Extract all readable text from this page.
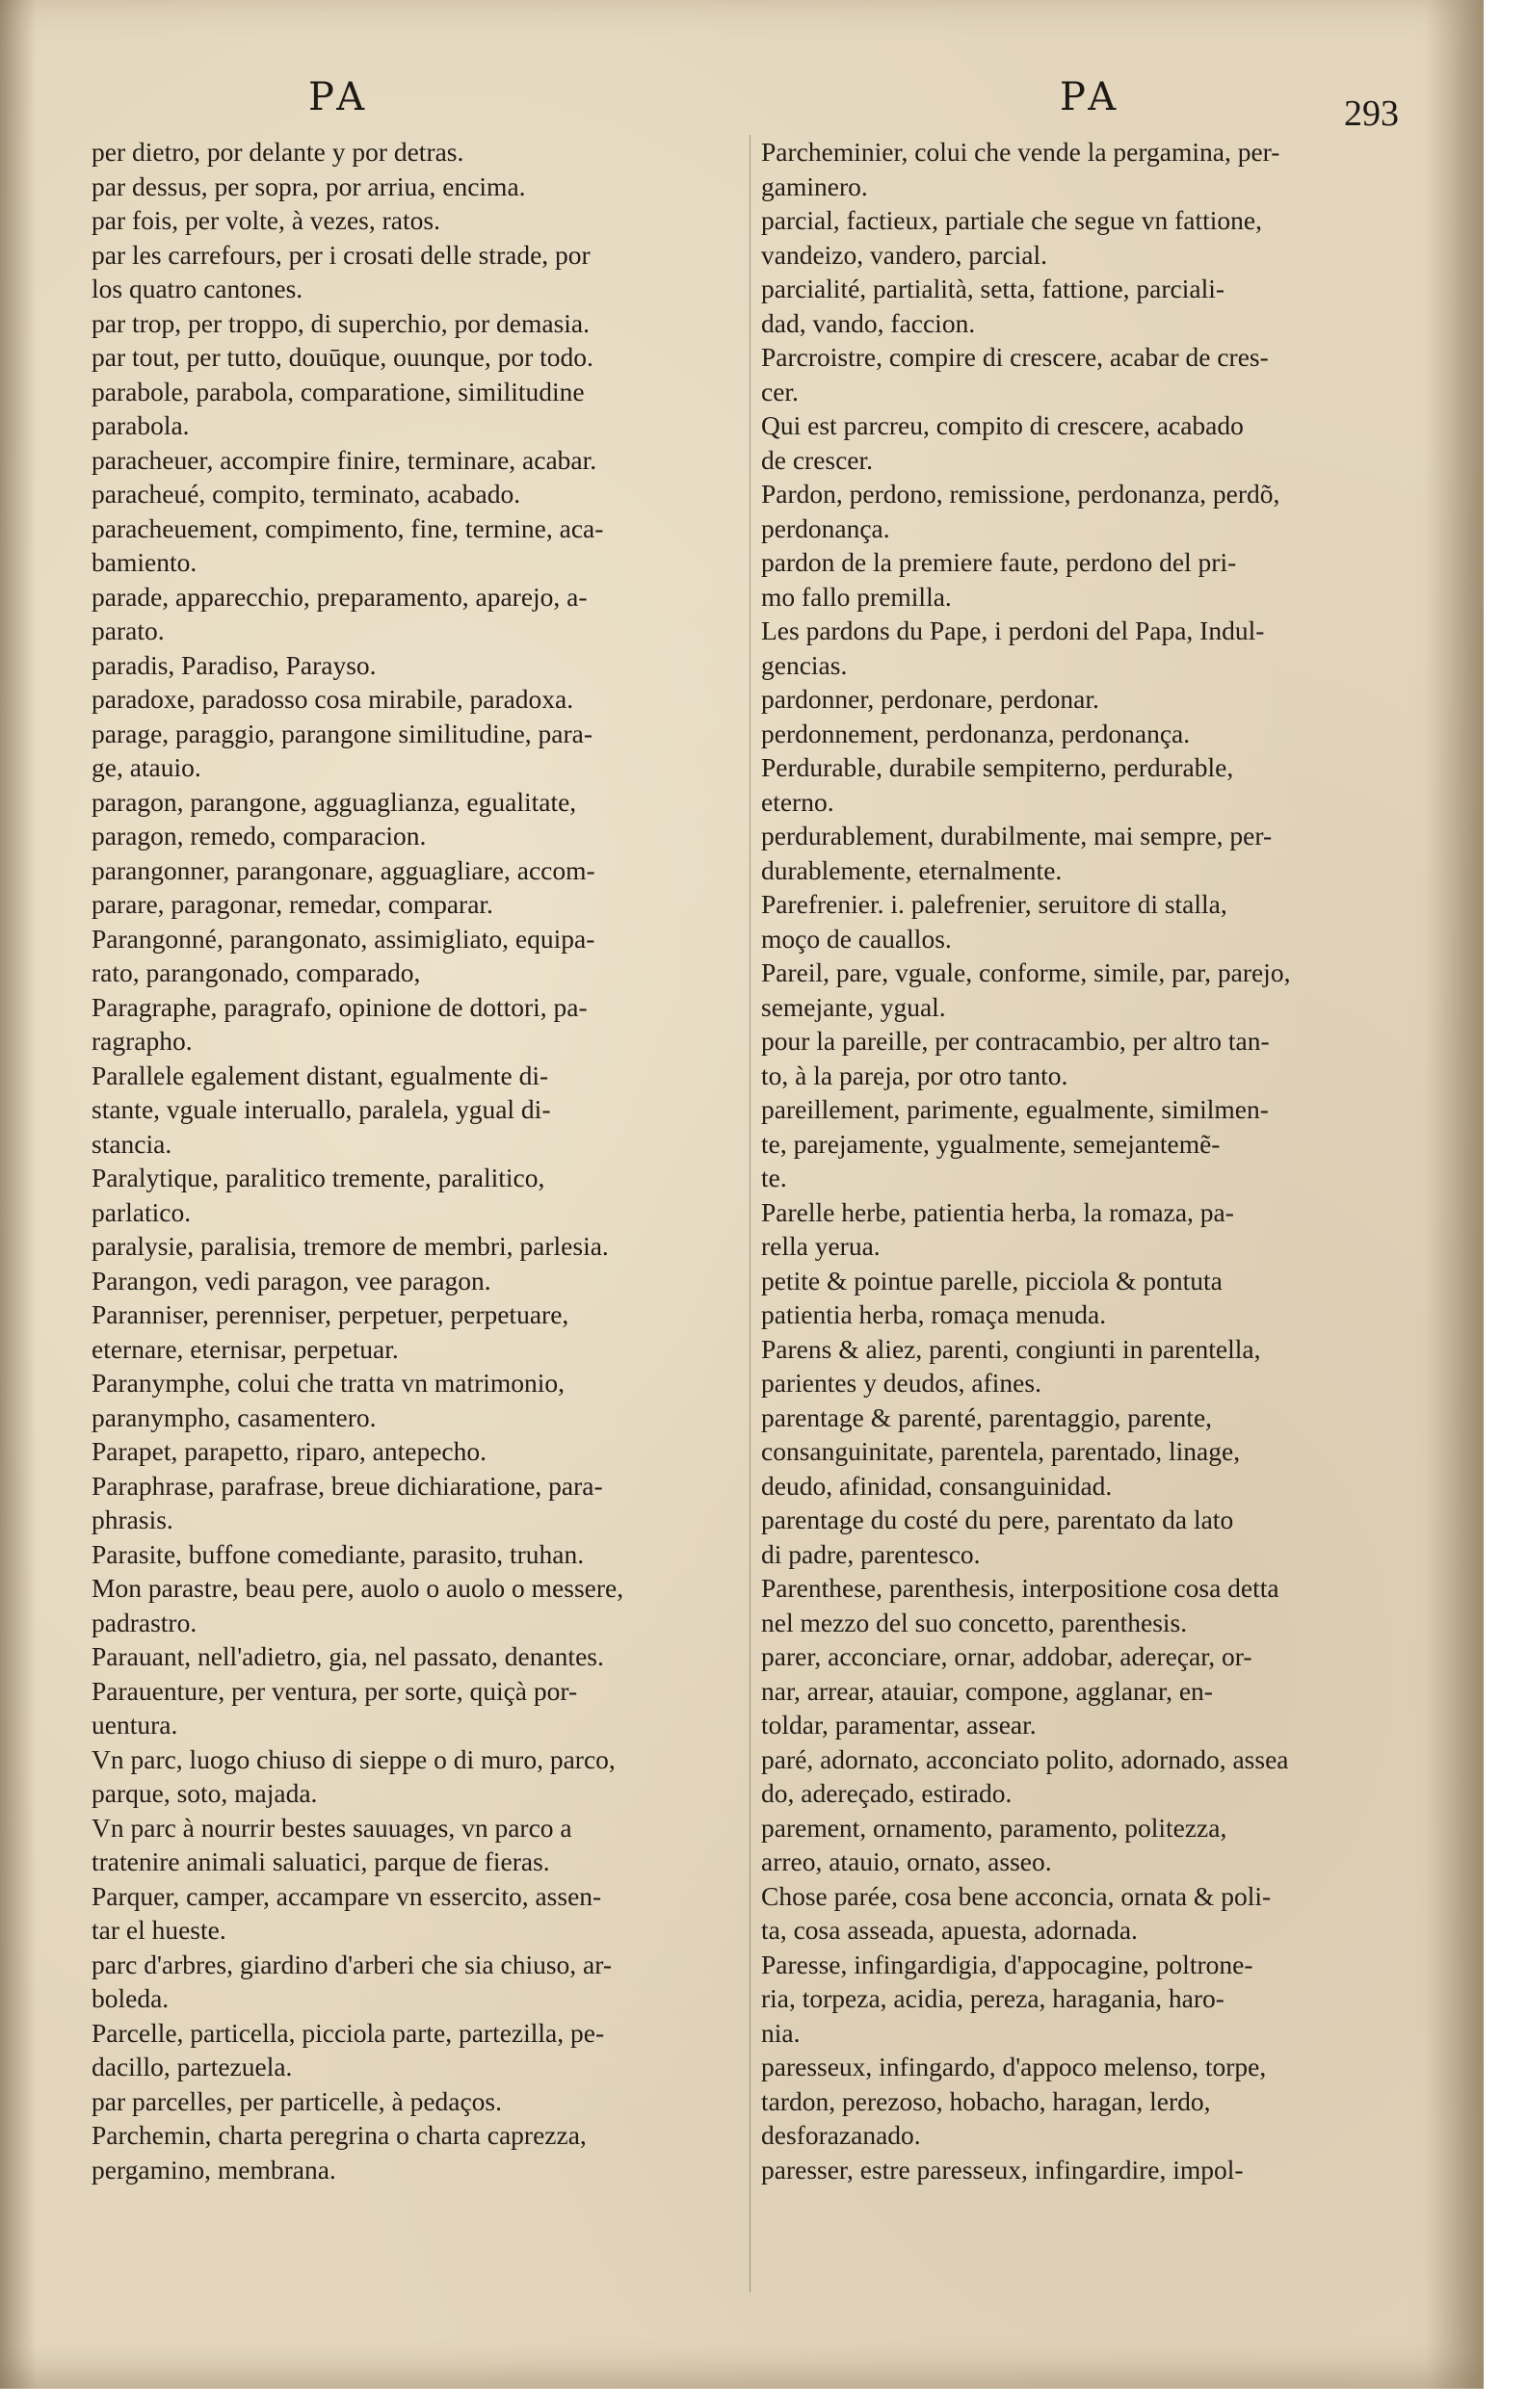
PA	PA	293
per dietro, por delante y por detras.
par dessus, per sopra, por arriua, encima.
par fois, per volte, à vezes, ratos.
par les carrefours, per i crosati delle strade, por
los quatro cantones.
par trop, per troppo, di superchio, por demasia.
par tout, per tutto, douūque, ouunque, por todo.
parabole, parabola, comparatione, similitudine
parabola.
paracheuer, accompire finire, terminare, acabar.
paracheué, compito, terminato, acabado.
paracheuement, compimento, fine, termine, aca-
bamiento.
parade, apparecchio, preparamento, aparejo, a-
parato.
paradis, Paradiso, Parayso.
paradoxe, paradosso cosa mirabile, paradoxa.
parage, paraggio, parangone similitudine, para-
ge, atauio.
paragon, parangone, agguaglianza, egualitate,
paragon, remedo, comparacion.
parangonner, parangonare, agguagliare, accom-
parare, paragonar, remedar, comparar.
Parangonné, parangonato, assimigliato, equipa-
rato, parangonado, comparado,
Paragraphe, paragrafo, opinione de dottori, pa-
ragrapho.
Parallele egalement distant, egualmente di-
stante, vguale interuallo, paralela, ygual di-
stancia.
Paralytique, paralitico tremente, paralitico,
parlatico.
paralysie, paralisia, tremore de membri, parlesia.
Parangon, vedi paragon, vee paragon.
Paranniser, perenniser, perpetuer, perpetuare,
eternare, eternisar, perpetuar.
Paranymphe, colui che tratta vn matrimonio,
paranympho, casamentero.
Parapet, parapetto, riparo, antepecho.
Paraphrase, parafrase, breue dichiaratione, para-
phrasis.
Parasite, buffone comediante, parasito, truhan.
Mon parastre, beau pere, auolo o auolo o messere,
padrastro.
Parauant, nell'adietro, gia, nel passato, denantes.
Parauenture, per ventura, per sorte, quiçà por-
uentura.
Vn parc, luogo chiuso di sieppe o di muro, parco,
parque, soto, majada.
Vn parc à nourrir bestes sauuages, vn parco a
tratenire animali saluatici, parque de fieras.
Parquer, camper, accampare vn essercito, assen-
tar el hueste.
parc d'arbres, giardino d'arberi che sia chiuso, ar-
boleda.
Parcelle, particella, picciola parte, partezilla, pe-
dacillo, partezuela.
par parcelles, per particelle, à pedaços.
Parchemin, charta peregrina o charta caprezza,
pergamino, membrana.
Parcheminier, colui che vende la pergamina, per-
gaminero.
parcial, factieux, partiale che segue vn fattione,
vandeizo, vandero, parcial.
parcialité, partialità, setta, fattione, parciali-
dad, vando, faccion.
Parcroistre, compire di crescere, acabar de cres-
cer.
Qui est parcreu, compito di crescere, acabado
de crescer.
Pardon, perdono, remissione, perdonanza, perdõ,
perdonança.
pardon de la premiere faute, perdono del pri-
mo fallo premilla.
Les pardons du Pape, i perdoni del Papa, Indul-
gencias.
pardonner, perdonare, perdonar.
perdonnement, perdonanza, perdonança.
Perdurable, durabile sempiterno, perdurable,
eterno.
perdurablement, durabilmente, mai sempre, per-
durablemente, eternalmente.
Parefrenier. i. palefrenier, seruitore di stalla,
moço de cauallos.
Pareil, pare, vguale, conforme, simile, par, parejo,
semejante, ygual.
pour la pareille, per contracambio, per altro tan-
to, à la pareja, por otro tanto.
pareillement, parimente, egualmente, similmen-
te, parejamente, ygualmente, semejantemẽ-
te.
Parelle herbe, patientia herba, la romaza, pa-
rella yerua.
petite & pointue parelle, picciola & pontuta
patientia herba, romaça menuda.
Parens & aliez, parenti, congiunti in parentella,
parientes y deudos, afines.
parentage & parenté, parentaggio, parente,
consanguinitate, parentela, parentado, linage,
deudo, afinidad, consanguinidad.
parentage du costé du pere, parentato da lato
di padre, parentesco.
Parenthese, parenthesis, interpositione cosa detta
nel mezzo del suo concetto, parenthesis.
parer, acconciare, ornar, addobar, adereçar, or-
nar, arrear, atauiar, compone, agglanar, en-
toldar, paramentar, assear.
paré, adornato, acconciato polito, adornado, assea
do, adereçado, estirado.
parement, ornamento, paramento, politezza,
arreo, atauio, ornato, asseo.
Chose parée, cosa bene acconcia, ornata & poli-
ta, cosa asseada, apuesta, adornada.
Paresse, infingardigia, d'appocagine, poltrone-
ria, torpeza, acidia, pereza, haragania, haro-
nia.
paresseux, infingardo, d'appoco melenso, torpe,
tardon, perezoso, hobacho, haragan, lerdo,
desforazanado.
paresser, estre paresseux, infingardire, impol-
